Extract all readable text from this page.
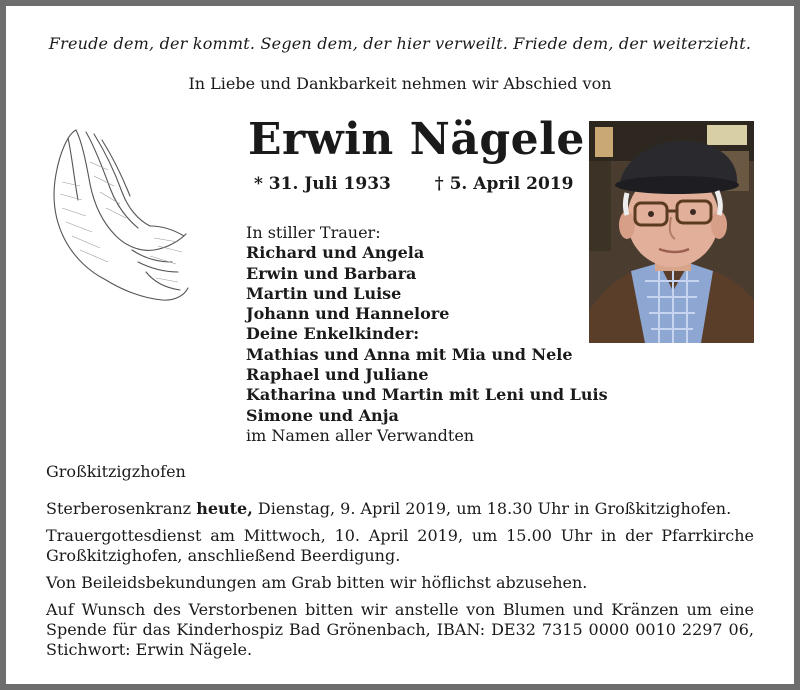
Freude dem, der kommt. Segen dem, der hier verweilt. Friede dem, der weiterzieht.
In Liebe und Dankbarkeit nehmen wir Abschied von
Erwin Nägele
* 31. Juli 1933	† 5. April 2019
In stiller Trauer:
Richard und Angela
Erwin und Barbara
Martin und Luise
Johann und Hannelore
Deine Enkelkinder:
Mathias und Anna mit Mia und Nele
Raphael und Juliane
Katharina und Martin mit Leni und Luis
Simone und Anja
im Namen aller Verwandten
Großkitzigzhofen

Sterberosenkranz heute, Dienstag, 9. April 2019, um 18.30 Uhr in Großkitzighofen.

Trauergottesdienst am Mittwoch, 10. April 2019, um 15.00 Uhr in der Pfarrkirche Großkitzighofen, anschließend Beerdigung.

Von Beileidsbekundungen am Grab bitten wir höflichst abzusehen.

Auf Wunsch des Verstorbenen bitten wir anstelle von Blumen und Kränzen um eine Spende für das Kinderhospiz Bad Grönenbach, IBAN: DE32 7315 0000 0010 2297 06, Stichwort: Erwin Nägele.
